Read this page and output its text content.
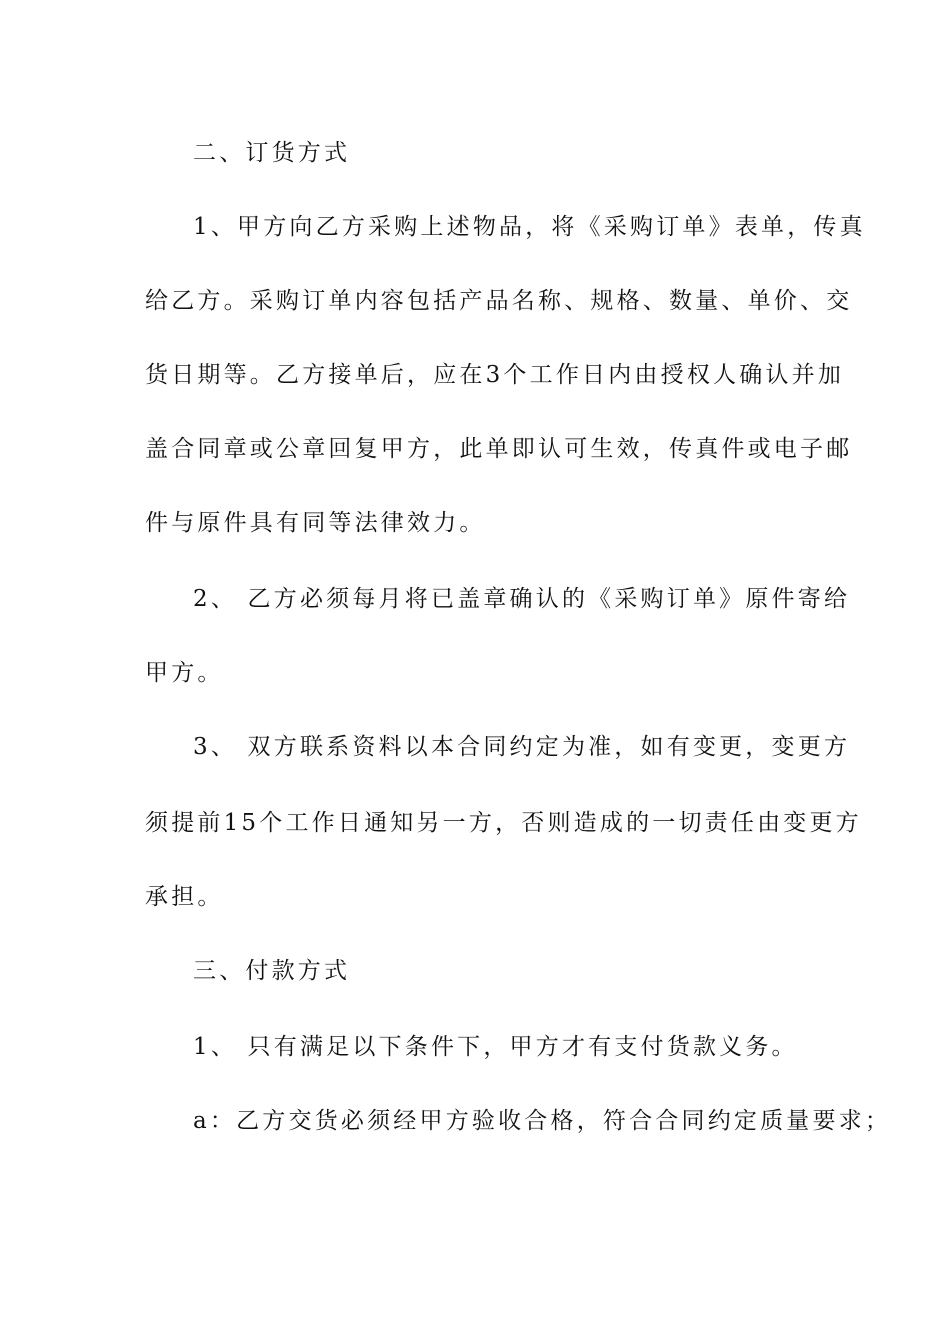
二、订货方式
1、甲方向乙方采购上述物品，将《采购订单》表单，传真
给乙方。采购订单内容包括产品名称、规格、数量、单价、交
货日期等。乙方接单后，应在3个工作日内由授权人确认并加
盖合同章或公章回复甲方，此单即认可生效，传真件或电子邮
件与原件具有同等法律效力。
2、 乙方必须每月将已盖章确认的《采购订单》原件寄给
甲方。
3、 双方联系资料以本合同约定为准，如有变更，变更方
须提前15个工作日通知另一方，否则造成的一切责任由变更方
承担。
三、付款方式
1、 只有满足以下条件下，甲方才有支付货款义务。
a：乙方交货必须经甲方验收合格，符合合同约定质量要求；
